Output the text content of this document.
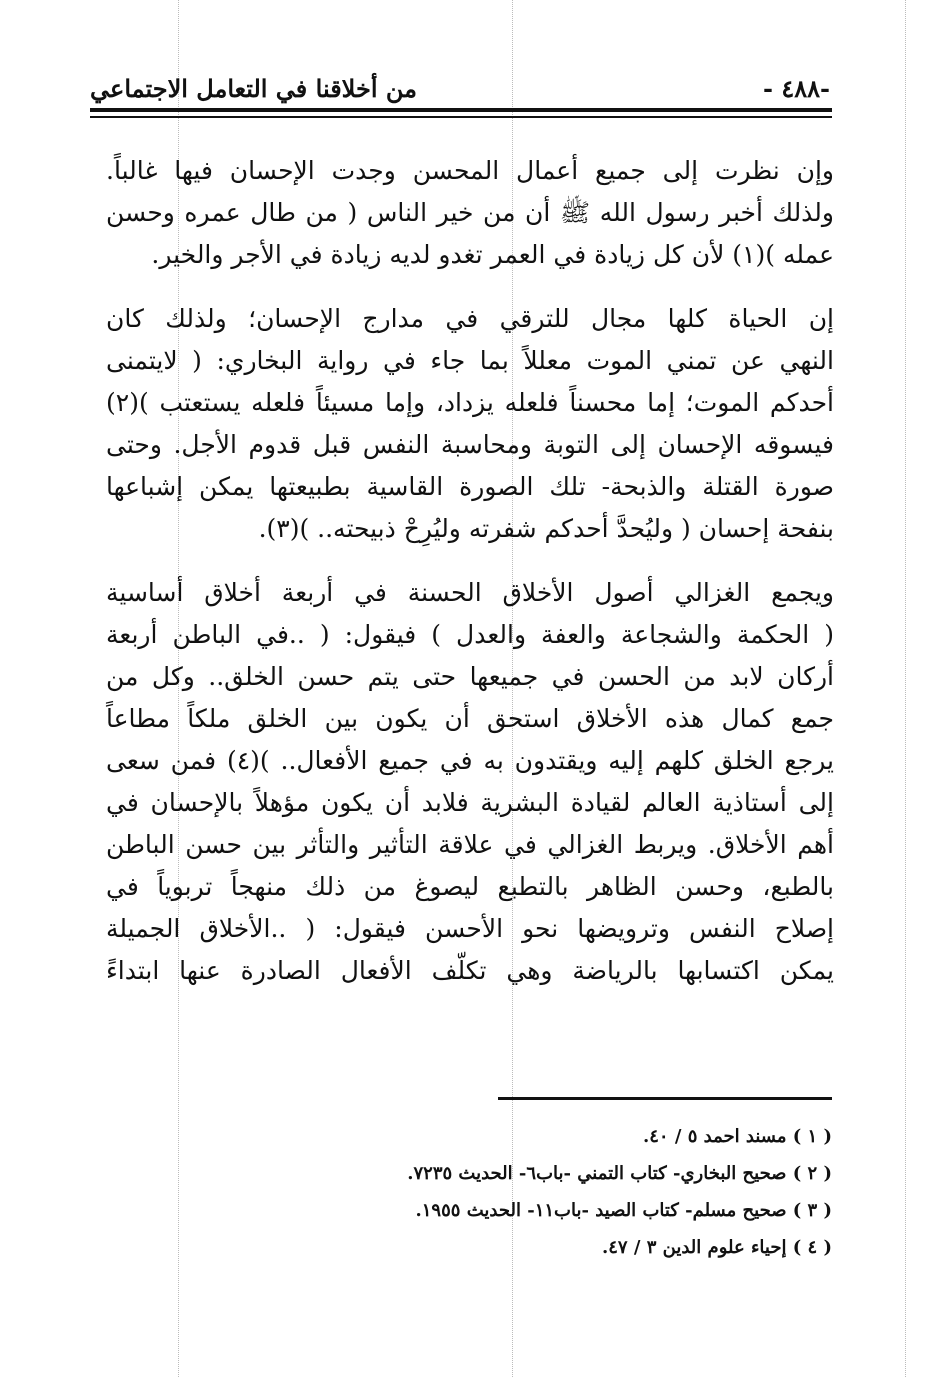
-٤٨٨ -
من أخلاقنا في التعامل الاجتماعي
وإن نظرت إلى جميع أعمال المحسن وجدت الإحسان فيها غالباً.
ولذلك أخبر رسول الله ﷺ أن من خير الناس ( من طال عمره وحسن
عمله )(١) لأن كل زيادة في العمر تغدو لديه زيادة في الأجر والخير.
إن الحياة كلها مجال للترقي في مدارج الإحسان؛ ولذلك كان
النهي عن تمني الموت معللاً بما جاء في رواية البخاري: ( لايتمنى
أحدكم الموت؛ إما محسناً فلعله يزداد، وإما مسيئاً فلعله يستعتب )(٢)
فيسوقه الإحسان إلى التوبة ومحاسبة النفس قبل قدوم الأجل. وحتى
صورة القتلة والذبحة- تلك الصورة القاسية بطبيعتها يمكن إشباعها
بنفحة إحسان ( وليُحدَّ أحدكم شفرته وليُرِحْ ذبيحته.. )(٣).
ويجمع الغزالي أصول الأخلاق الحسنة في أربعة أخلاق أساسية
( الحكمة والشجاعة والعفة والعدل ) فيقول: ( ..في الباطن أربعة
أركان لابد من الحسن في جميعها حتى يتم حسن الخلق.. وكل من
جمع كمال هذه الأخلاق استحق أن يكون بين الخلق ملكاً مطاعاً
يرجع الخلق كلهم إليه ويقتدون به في جميع الأفعال.. )(٤) فمن سعى
إلى أستاذية العالم لقيادة البشرية فلابد أن يكون مؤهلاً بالإحسان في
أهم الأخلاق. ويربط الغزالي في علاقة التأثير والتأثر بين حسن الباطن
بالطبع، وحسن الظاهر بالتطبع ليصوغ من ذلك منهجاً تربوياً في
إصلاح النفس وترويضها نحو الأحسن فيقول: ( ..الأخلاق الجميلة
يمكن اكتسابها بالرياضة وهي تكلّف الأفعال الصادرة عنها ابتداءً
( ١ ) مسند احمد ٥ / ٤٠.
( ٢ ) صحيح البخاري- كتاب التمني -باب٦- الحديث ٧٢٣٥.
( ٣ ) صحيح مسلم- كتاب الصيد -باب١١- الحديث ١٩٥٥.
( ٤ ) إحياء علوم الدين ٣ / ٤٧.
